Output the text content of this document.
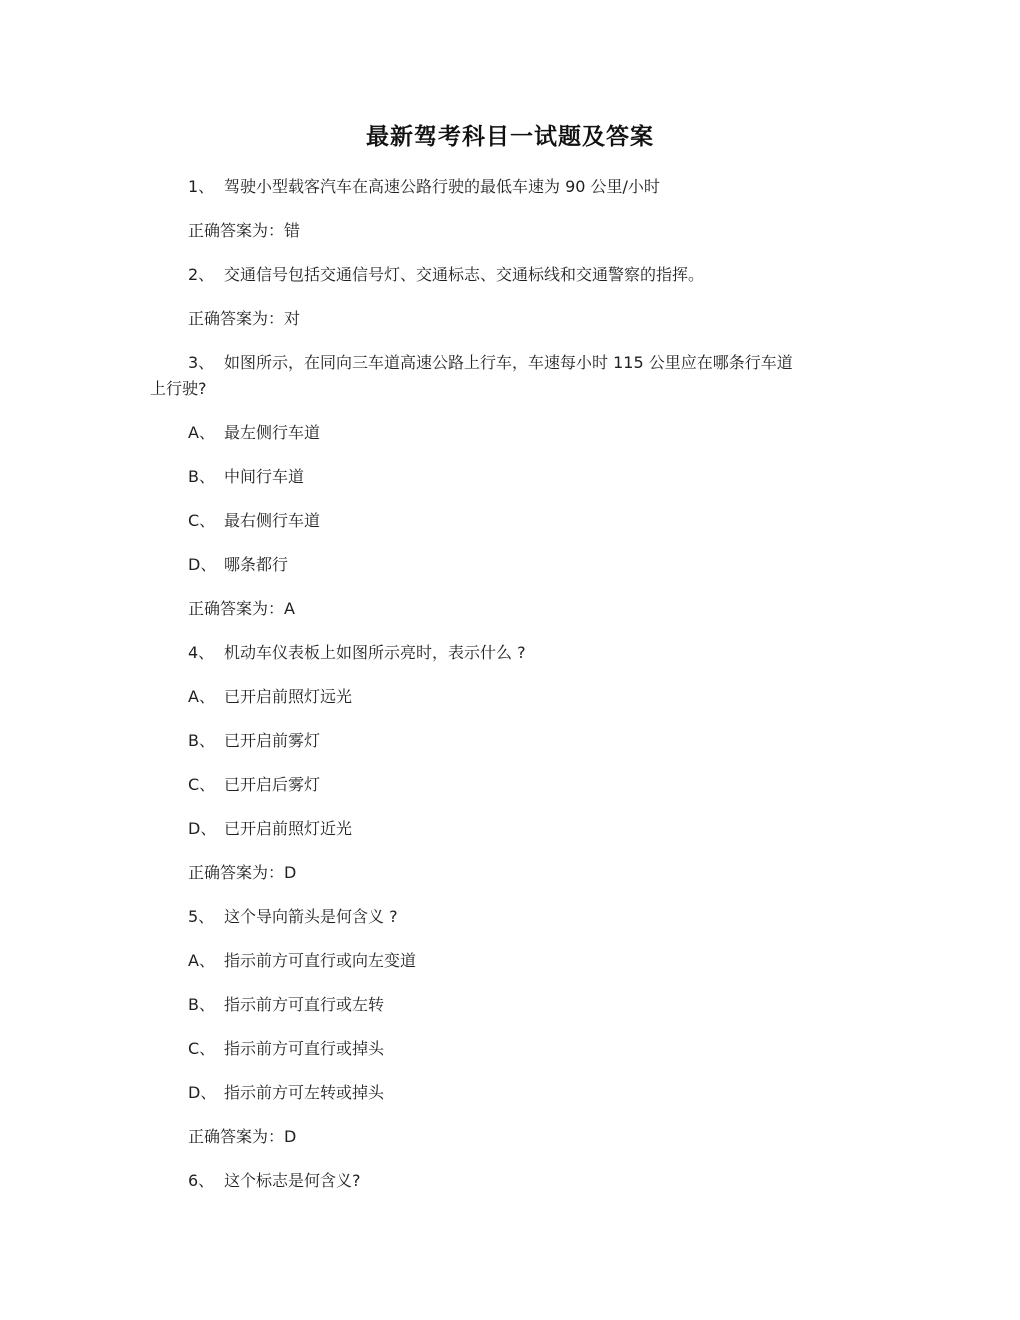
最新驾考科目一试题及答案
1、 驾驶小型载客汽车在高速公路行驶的最低车速为 90 公里/小时
正确答案为：错
2、 交通信号包括交通信号灯、交通标志、交通标线和交通警察的指挥。
正确答案为：对
3、 如图所示，在同向三车道高速公路上行车，车速每小时 115 公里应在哪条行车道
上行驶?
A、 最左侧行车道
B、 中间行车道
C、 最右侧行车道
D、 哪条都行
正确答案为：A
4、 机动车仪表板上如图所示亮时，表示什么 ?
A、 已开启前照灯远光
B、 已开启前雾灯
C、 已开启后雾灯
D、 已开启前照灯近光
正确答案为：D
5、 这个导向箭头是何含义 ?
A、 指示前方可直行或向左变道
B、 指示前方可直行或左转
C、 指示前方可直行或掉头
D、 指示前方可左转或掉头
正确答案为：D
6、 这个标志是何含义?
